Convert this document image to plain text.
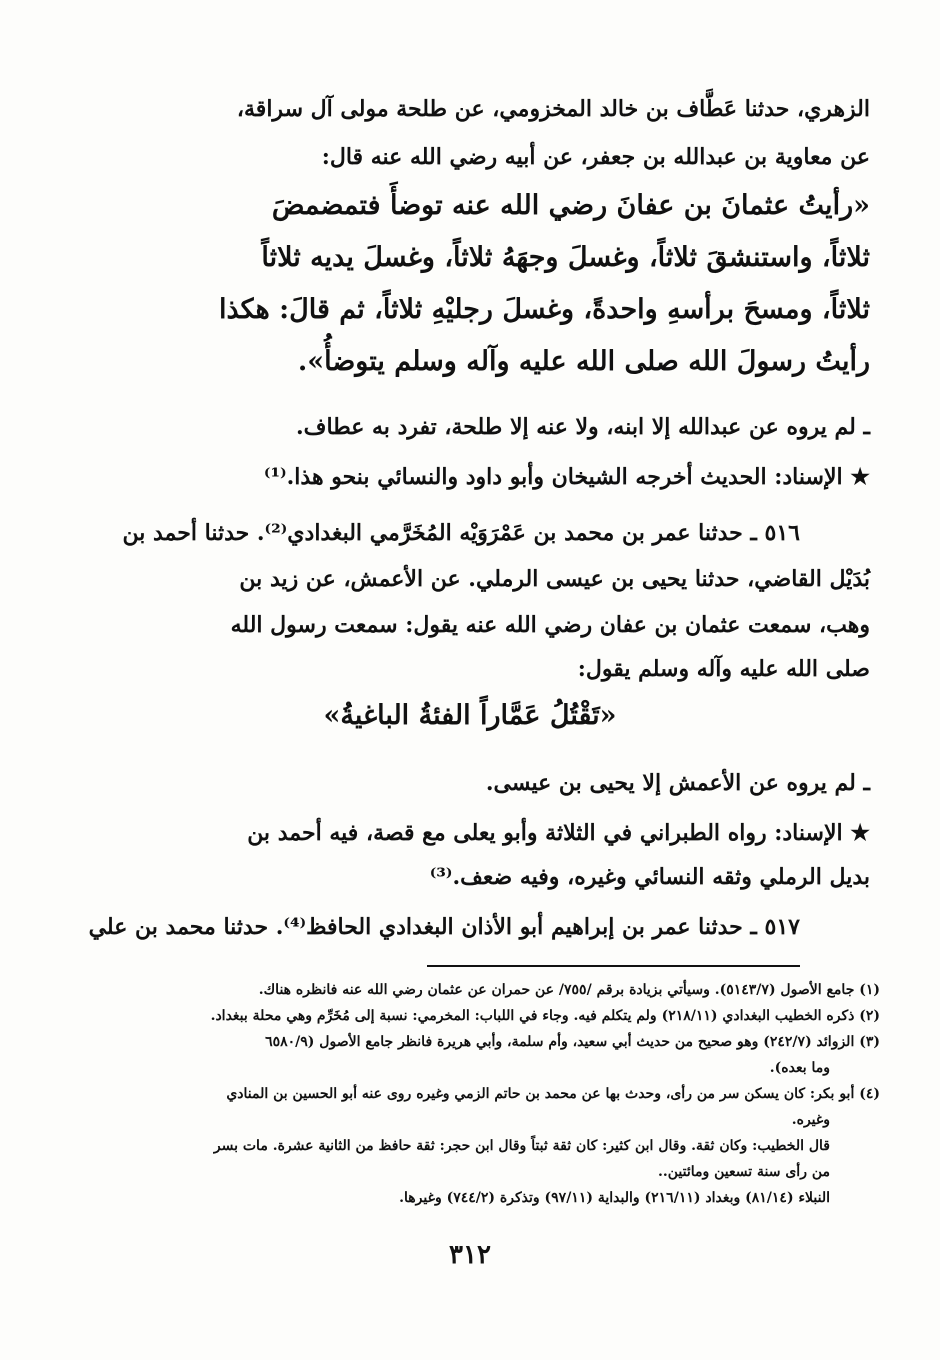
الزهري، حدثنا عَطَّاف بن خالد المخزومي، عن طلحة مولى آل سراقة،

عن معاوية بن عبدالله بن جعفر، عن أبيه رضي الله عنه قال:

«رأيتُ عثمانَ بن عفانَ رضي الله عنه توضأَ فتمضمضَ

ثلاثاً، واستنشقَ ثلاثاً، وغسلَ وجهَهُ ثلاثاً، وغسلَ يديه ثلاثاً

ثلاثاً، ومسحَ برأسهِ واحدةً، وغسلَ رجليْهِ ثلاثاً، ثم قالَ: هكذا

رأيتُ رسولَ الله صلى الله عليه وآله وسلم يتوضأُ».

ـ لم يروه عن عبدالله إلا ابنه، ولا عنه إلا طلحة، تفرد به عطاف.

★ الإسناد: الحديث أخرجه الشيخان وأبو داود والنسائي بنحو هذا.⁽¹⁾

٥١٦ ـ حدثنا عمر بن محمد بن عَمْرَوَيْه المُخَرَّمي البغدادي⁽²⁾. حدثنا أحمد بن

بُدَيْل القاضي، حدثنا يحيى بن عيسى الرملي. عن الأعمش، عن زيد بن

وهب، سمعت عثمان بن عفان رضي الله عنه يقول: سمعت رسول الله

صلى الله عليه وآله وسلم يقول:

«تَقْتُلُ عَمَّاراً الفئةُ الباغيةُ»

ـ لم يروه عن الأعمش إلا يحيى بن عيسى.

★ الإسناد: رواه الطبراني في الثلاثة وأبو يعلى مع قصة، فيه أحمد بن

بديل الرملي وثقه النسائي وغيره، وفيه ضعف.⁽³⁾

٥١٧ ـ حدثنا عمر بن إبراهيم أبو الأذان البغدادي الحافظ⁽⁴⁾. حدثنا محمد بن علي

(١) جامع الأصول (٥١٤٣/٧). وسيأتي بزيادة برقم /٧٥٥/ عن حمران عن عثمان رضي الله عنه فانظره هناك.

(٢) ذكره الخطيب البغدادي (٢١٨/١١) ولم يتكلم فيه. وجاء في اللباب: المخرمي: نسبة إلى مُخَرِّم وهي محلة ببغداد.

(٣) الزوائد (٢٤٢/٧) وهو صحيح من حديث أبي سعيد، وأم سلمة، وأبي هريرة فانظر جامع الأصول (٦٥٨٠/٩

وما بعده).

(٤) أبو بكر: كان يسكن سر من رأى، وحدث بها عن محمد بن حاتم الزمي وغيره روى عنه أبو الحسين بن المنادي

وغيره.

قال الخطيب: وكان ثقة. وقال ابن كثير: كان ثقة ثبتاً وقال ابن حجر: ثقة حافظ من الثانية عشرة. مات بسر

من رأى سنة تسعين ومائتين..

النبلاء (٨١/١٤) وبغداد (٢١٦/١١) والبداية (٩٧/١١) وتذكرة (٧٤٤/٢) وغيرها.

٣١٢
